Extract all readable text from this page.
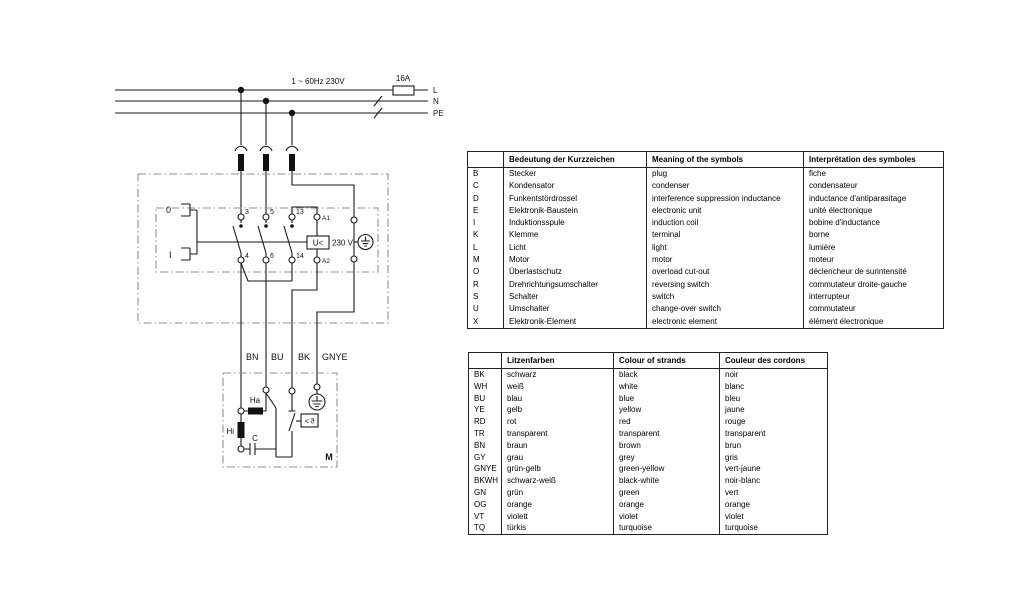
1 ~ 60Hz 230V	16A
L
N
PE
0
I
3	5	13
A1
4	6	14
A2
U< 230 V
BN BU BK GNYE
Ha
Hi
C
< ϑ
M
	Bedeutung der Kurzzeichen	Meaning of the symbols	Interprétation des symboles
B	Stecker	plug	fiche
C	Kondensator	condenser	condensateur
D	Funkentstördrossel	interference suppression inductance	inductance d'antiparasitage
E	Elektronik-Baustein	electronic unit	unité électronique
I	Induktionsspule	induction coil	bobine d'inductance
K	Klemme	terminal	borne
L	Licht	light	lumière
M	Motor	motor	moteur
O	Überlastschutz	overload cut-out	déclencheur de surintensité
R	Drehrichtungsumschalter	reversing switch	commutateur droite-gauche
S	Schalter	switch	interrupteur
U	Umschalter	change-over switch	commutateur
X	Elektronik-Element	electronic element	élément électronique
	Litzenfarben	Colour of strands	Couleur des cordons
BK	schwarz	black	noir
WH	weiß	white	blanc
BU	blau	blue	bleu
YE	gelb	yellow	jaune
RD	rot	red	rouge
TR	transparent	transparent	transparent
BN	braun	brown	brun
GY	grau	grey	gris
GNYE	grün-gelb	green-yellow	vert-jaune
BKWH	schwarz-weiß	black-white	noir-blanc
GN	grün	green	vert
OG	orange	orange	orange
VT	violett	violet	violet
TQ	türkis	turquoise	turquoise
